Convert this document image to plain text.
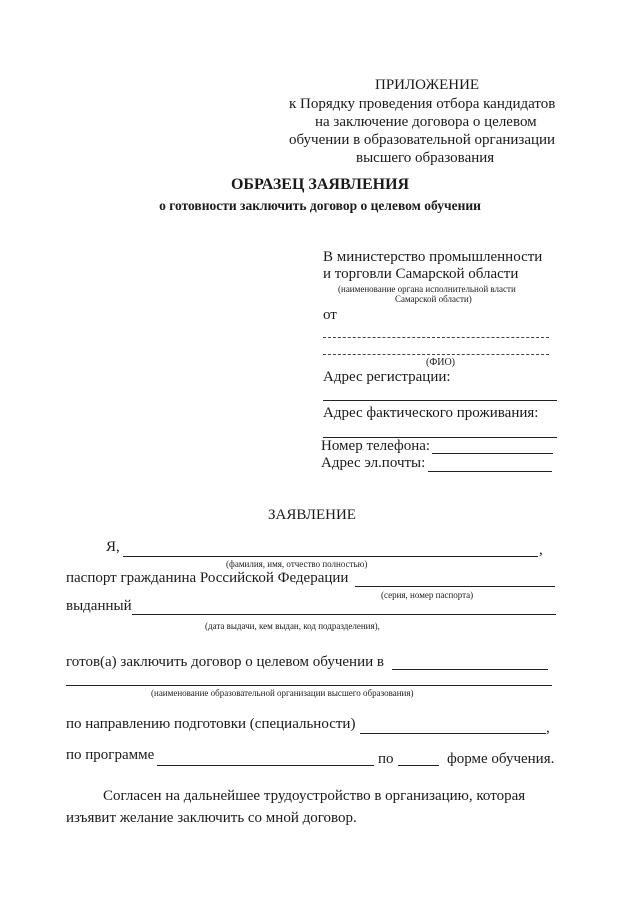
ПРИЛОЖЕНИЕ
к Порядку проведения отбора кандидатов
на заключение договора о целевом
обучении в образовательной организации
высшего образования
ОБРАЗЕЦ ЗАЯВЛЕНИЯ
о готовности заключить договор о целевом обучении
В министерство промышленности
и торговли Самарской области
(наименование органа исполнительной власти
Самарской области)
от
(ФИО)
Адрес регистрации:
Адрес фактического проживания:
Номер телефона:
Адрес эл.почты:
ЗАЯВЛЕНИЕ
Я,	,
(фамилия, имя, отчество полностью)
паспорт гражданина Российской Федерации
(серия, номер паспорта)
выданный
(дата выдачи, кем выдан, код подразделения),
готов(а) заключить договор о целевом обучении в
(наименование образовательной организации высшего образования)
по направлению подготовки (специальности)	,
по программе	по	форме обучения.
Согласен на дальнейшее трудоустройство в организацию, которая
изъявит желание заключить со мной договор.
